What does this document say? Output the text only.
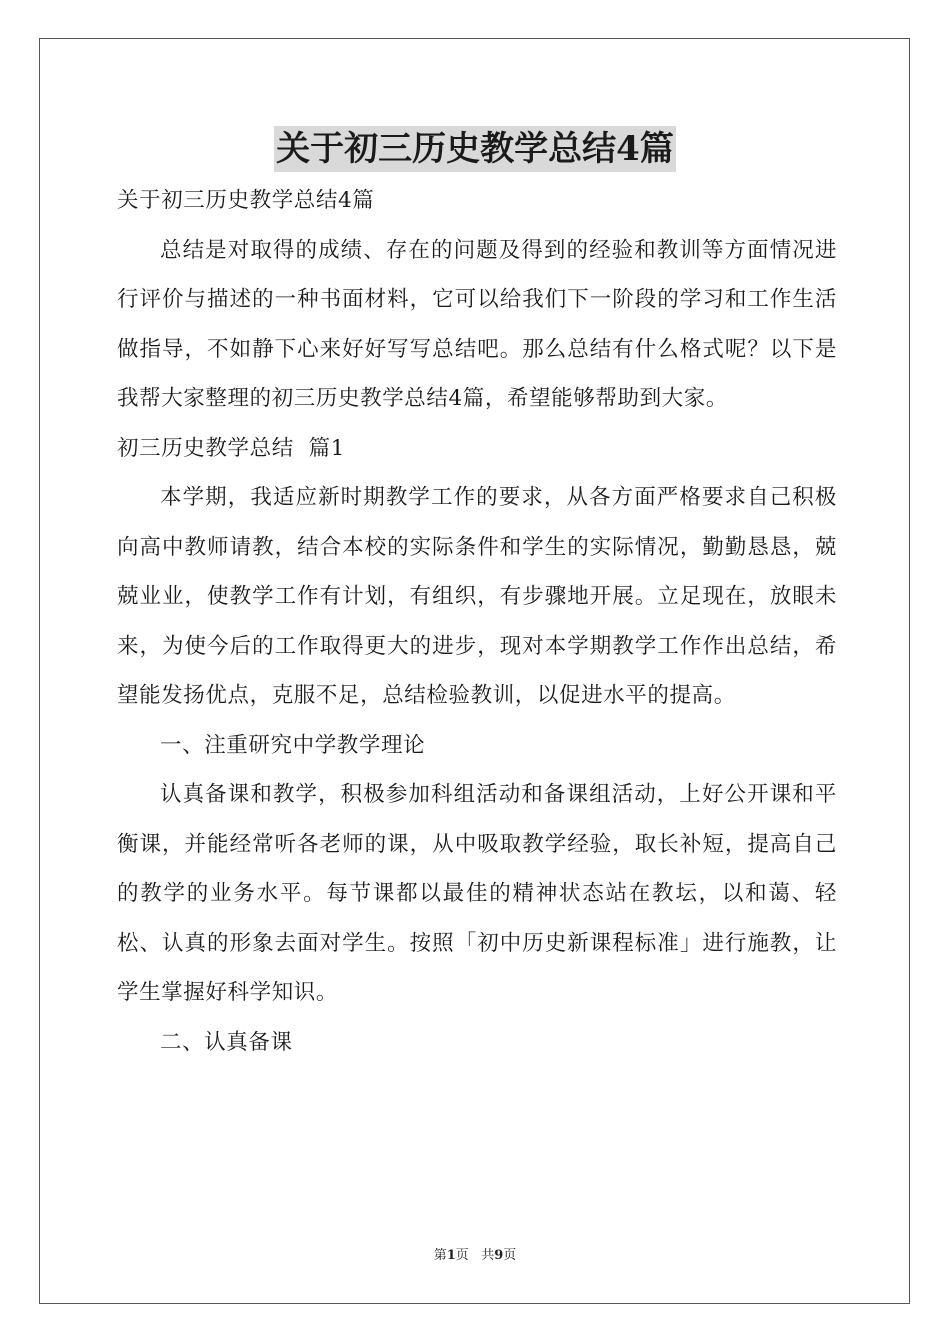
关于初三历史教学总结4篇

关于初三历史教学总结4篇

总结是对取得的成绩、存在的问题及得到的经验和教训等方面情况进行评价与描述的一种书面材料，它可以给我们下一阶段的学习和工作生活做指导，不如静下心来好好写写总结吧。那么总结有什么格式呢？以下是我帮大家整理的初三历史教学总结4篇，希望能够帮助到大家。

初三历史教学总结  篇1

本学期，我适应新时期教学工作的要求，从各方面严格要求自己积极向高中教师请教，结合本校的实际条件和学生的实际情况，勤勤恳恳，兢兢业业，使教学工作有计划，有组织，有步骤地开展。立足现在，放眼未来，为使今后的工作取得更大的进步，现对本学期教学工作作出总结，希望能发扬优点，克服不足，总结检验教训，以促进水平的提高。

一、注重研究中学教学理论

认真备课和教学，积极参加科组活动和备课组活动，上好公开课和平衡课，并能经常听各老师的课，从中吸取教学经验，取长补短，提高自己的教学的业务水平。每节课都以最佳的精神状态站在教坛，以和蔼、轻松、认真的形象去面对学生。按照「初中历史新课程标准」进行施教，让学生掌握好科学知识。

二、认真备课

第1页 共9页
